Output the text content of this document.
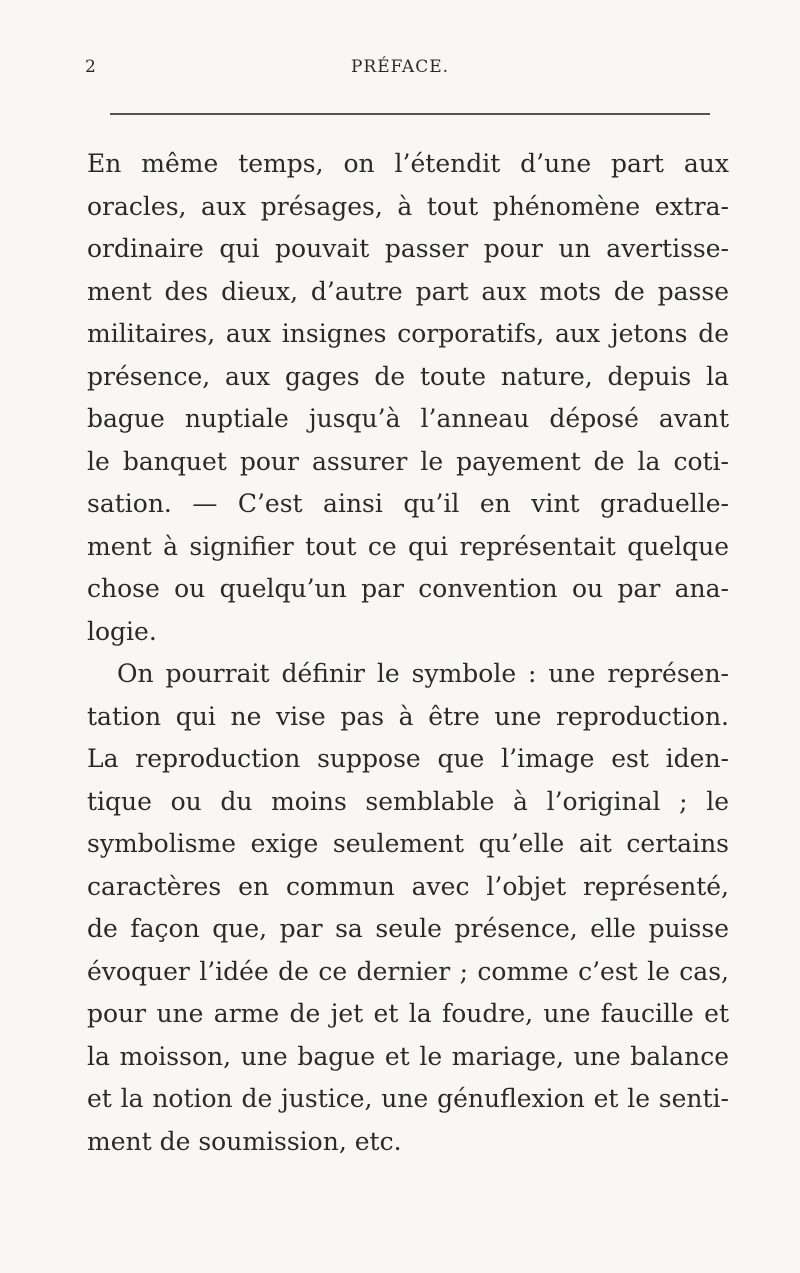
2	PRÉFACE.
En même temps, on l’étendit d’une part aux
oracles, aux présages, à tout phénomène extra-
ordinaire qui pouvait passer pour un avertisse-
ment des dieux, d’autre part aux mots de passe
militaires, aux insignes corporatifs, aux jetons de
présence, aux gages de toute nature, depuis la
bague nuptiale jusqu’à l’anneau déposé avant
le banquet pour assurer le payement de la coti-
sation. — C’est ainsi qu’il en vint graduelle-
ment à signifier tout ce qui représentait quelque
chose ou quelqu’un par convention ou par ana-
logie.
On pourrait définir le symbole : une représen-
tation qui ne vise pas à être une reproduction.
La reproduction suppose que l’image est iden-
tique ou du moins semblable à l’original ; le
symbolisme exige seulement qu’elle ait certains
caractères en commun avec l’objet représenté,
de façon que, par sa seule présence, elle puisse
évoquer l’idée de ce dernier ; comme c’est le cas,
pour une arme de jet et la foudre, une faucille et
la moisson, une bague et le mariage, une balance
et la notion de justice, une génuflexion et le senti-
ment de soumission, etc.
